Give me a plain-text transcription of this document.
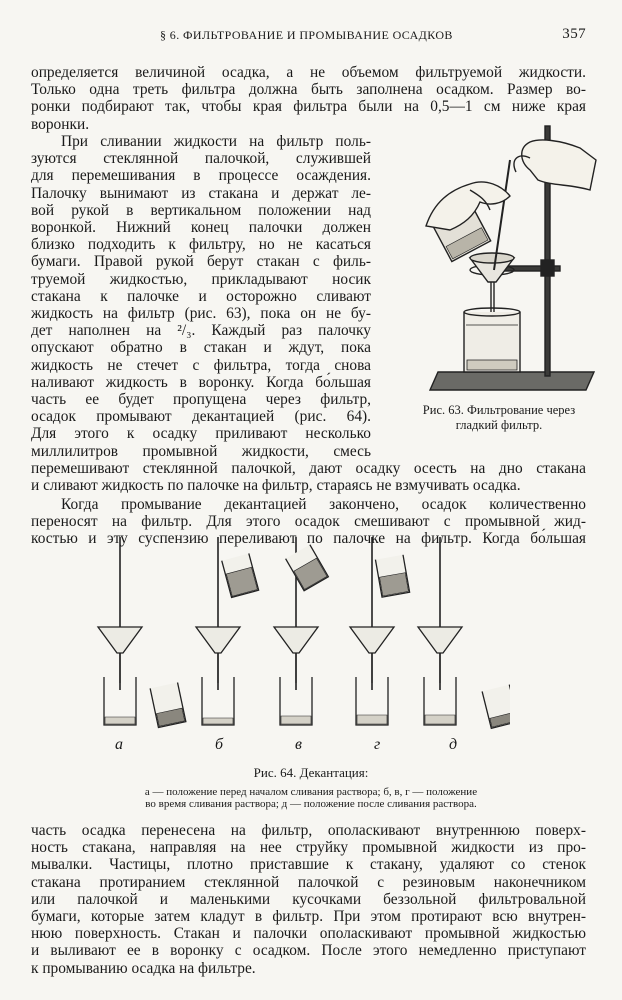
§ 6. ФИЛЬТРОВАНИЕ И ПРОМЫВАНИЕ ОСАДКОВ	357
определяется величиной осадка, а не объемом фильтруемой жидкости.
Только одна треть фильтра должна быть заполнена осадком. Размер во-
ронки подбирают так, чтобы края фильтра были на 0,5—1 см ниже края
воронки.
При сливании жидкости на фильтр поль-
зуются стеклянной палочкой, служившей
для перемешивания в процессе осаждения.
Палочку вынимают из стакана и держат ле-
вой рукой в вертикальном положении над
воронкой. Нижний конец палочки должен
близко подходить к фильтру, но не касаться
бумаги. Правой рукой берут стакан с филь-
труемой жидкостью, прикладывают носик
стакана к палочке и осторожно сливают
жидкость на фильтр (рис. 63), пока он не бу-
дет наполнен на ²/₃. Каждый раз палочку
опускают обратно в стакан и ждут, пока
жидкость не стечет с фильтра, тогда снова
наливают жидкость в воронку. Когда бо́льшая
часть ее будет пропущена через фильтр,
осадок промывают декантацией (рис. 64).
Для этого к осадку приливают несколько
миллилитров промывной жидкости, смесь
Рис. 63. Фильтрование через
гладкий фильтр.
перемешивают стеклянной палочкой, дают осадку осесть на дно стакана
и сливают жидкость по палочке на фильтр, стараясь не взмучивать осадка.
Когда промывание декантацией закончено, осадок количественно
переносят на фильтр. Для этого осадок смешивают с промывной жид-
костью и эту суспензию переливают по палочке на фильтр. Когда бо́льшая
а	б	в	г	д
Рис. 64. Декантация:
а — положение перед началом сливания раствора; б, в, г — положение
во время сливания раствора; д — положение после сливания раствора.
часть осадка перенесена на фильтр, ополаскивают внутреннюю поверх-
ность стакана, направляя на нее струйку промывной жидкости из про-
мывалки. Частицы, плотно приставшие к стакану, удаляют со стенок
стакана протиранием стеклянной палочкой с резиновым наконечником
или палочкой и маленькими кусочками беззольной фильтровальной
бумаги, которые затем кладут в фильтр. При этом протирают всю внутрен-
нюю поверхность. Стакан и палочки ополаскивают промывной жидкостью
и выливают ее в воронку с осадком. После этого немедленно приступают
к промыванию осадка на фильтре.
